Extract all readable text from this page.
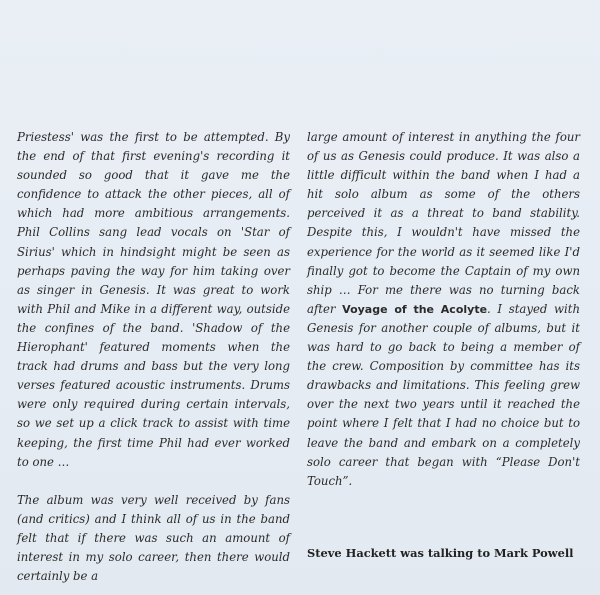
Priestess' was the first to be attempted. By the end of that first evening's recording it sounded so good that it gave me the confidence to attack the other pieces, all of which had more ambitious arrangements. Phil Collins sang lead vocals on 'Star of Sirius' which in hindsight might be seen as perhaps paving the way for him taking over as singer in Genesis. It was great to work with Phil and Mike in a different way, outside the confines of the band. 'Shadow of the Hierophant' featured moments when the track had drums and bass but the very long verses featured acoustic instruments. Drums were only required during certain intervals, so we set up a click track to assist with time keeping, the first time Phil had ever worked to one …

The album was very well received by fans (and critics) and I think all of us in the band felt that if there was such an amount of interest in my solo career, then there would certainly be a

large amount of interest in anything the four of us as Genesis could produce. It was also a little difficult within the band when I had a hit solo album as some of the others perceived it as a threat to band stability. Despite this, I wouldn't have missed the experience for the world as it seemed like I'd finally got to become the Captain of my own ship … For me there was no turning back after Voyage of the Acolyte. I stayed with Genesis for another couple of albums, but it was hard to go back to being a member of the crew. Composition by committee has its drawbacks and limitations. This feeling grew over the next two years until it reached the point where I felt that I had no choice but to leave the band and embark on a completely solo career that began with “Please Don't Touch”.

Steve Hackett was talking to Mark Powell
